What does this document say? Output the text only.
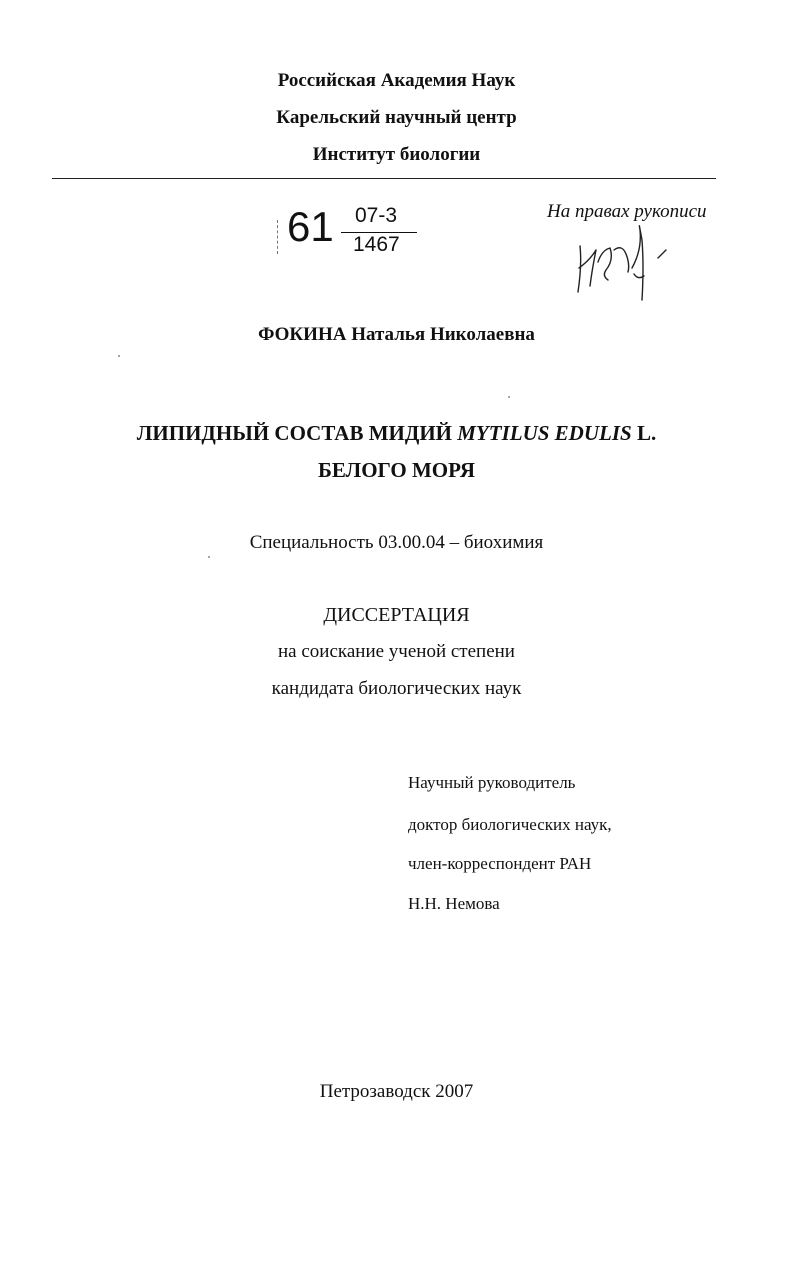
Российская Академия Наук
Карельский научный центр
Институт биологии
61 07-3
1467
На правах рукописи
ФОКИНА Наталья Николаевна
ЛИПИДНЫЙ СОСТАВ МИДИЙ MYTILUS EDULIS L.
БЕЛОГО МОРЯ
Специальность 03.00.04 – биохимия
ДИССЕРТАЦИЯ
на соискание ученой степени
кандидата биологических наук
Научный руководитель
доктор биологических наук,
член-корреспондент РАН
Н.Н. Немова
Петрозаводск 2007
